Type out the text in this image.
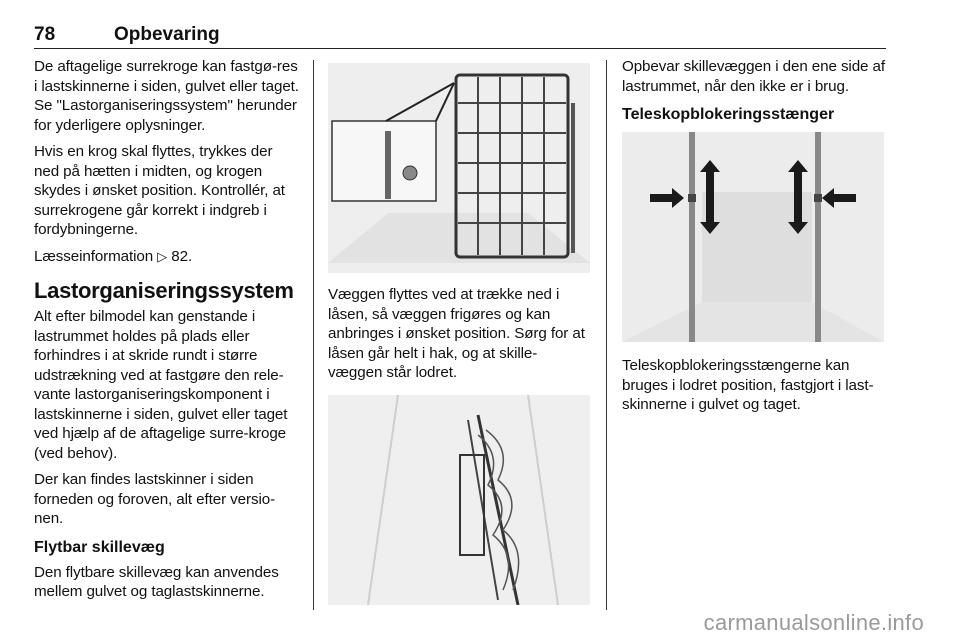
78	Opbevaring

De aftagelige surrekroge kan fastgø-res i lastskinnerne i siden, gulvet eller taget. Se "Lastorganiseringssystem" herunder for yderligere oplysninger.

Hvis en krog skal flyttes, trykkes der ned på hætten i midten, og krogen skydes i ønsket position. Kontrollér, at surrekrogene går korrekt i indgreb i fordybningerne.

Læsseinformation ▷ 82.

Lastorganiseringssystem

Alt efter bilmodel kan genstande i lastrummet holdes på plads eller forhindres i at skride rundt i større udstrækning ved at fastgøre den rele-vante lastorganiseringskomponent i lastskinnerne i siden, gulvet eller taget ved hjælp af de aftagelige surre-kroge (ved behov).

Der kan findes lastskinner i siden forneden og foroven, alt efter versio-nen.

Flytbar skillevæg

Den flytbare skillevæg kan anvendes mellem gulvet og taglastskinnerne.

Væggen flyttes ved at trække ned i låsen, så væggen frigøres og kan anbringes i ønsket position. Sørg for at låsen går helt i hak, og at skille-væggen står lodret.

Opbevar skillevæggen i den ene side af lastrummet, når den ikke er i brug.

Teleskopblokeringsstænger

Teleskopblokeringsstængerne kan bruges i lodret position, fastgjort i last-skinnerne i gulvet og taget.

carmanualsonline.info
